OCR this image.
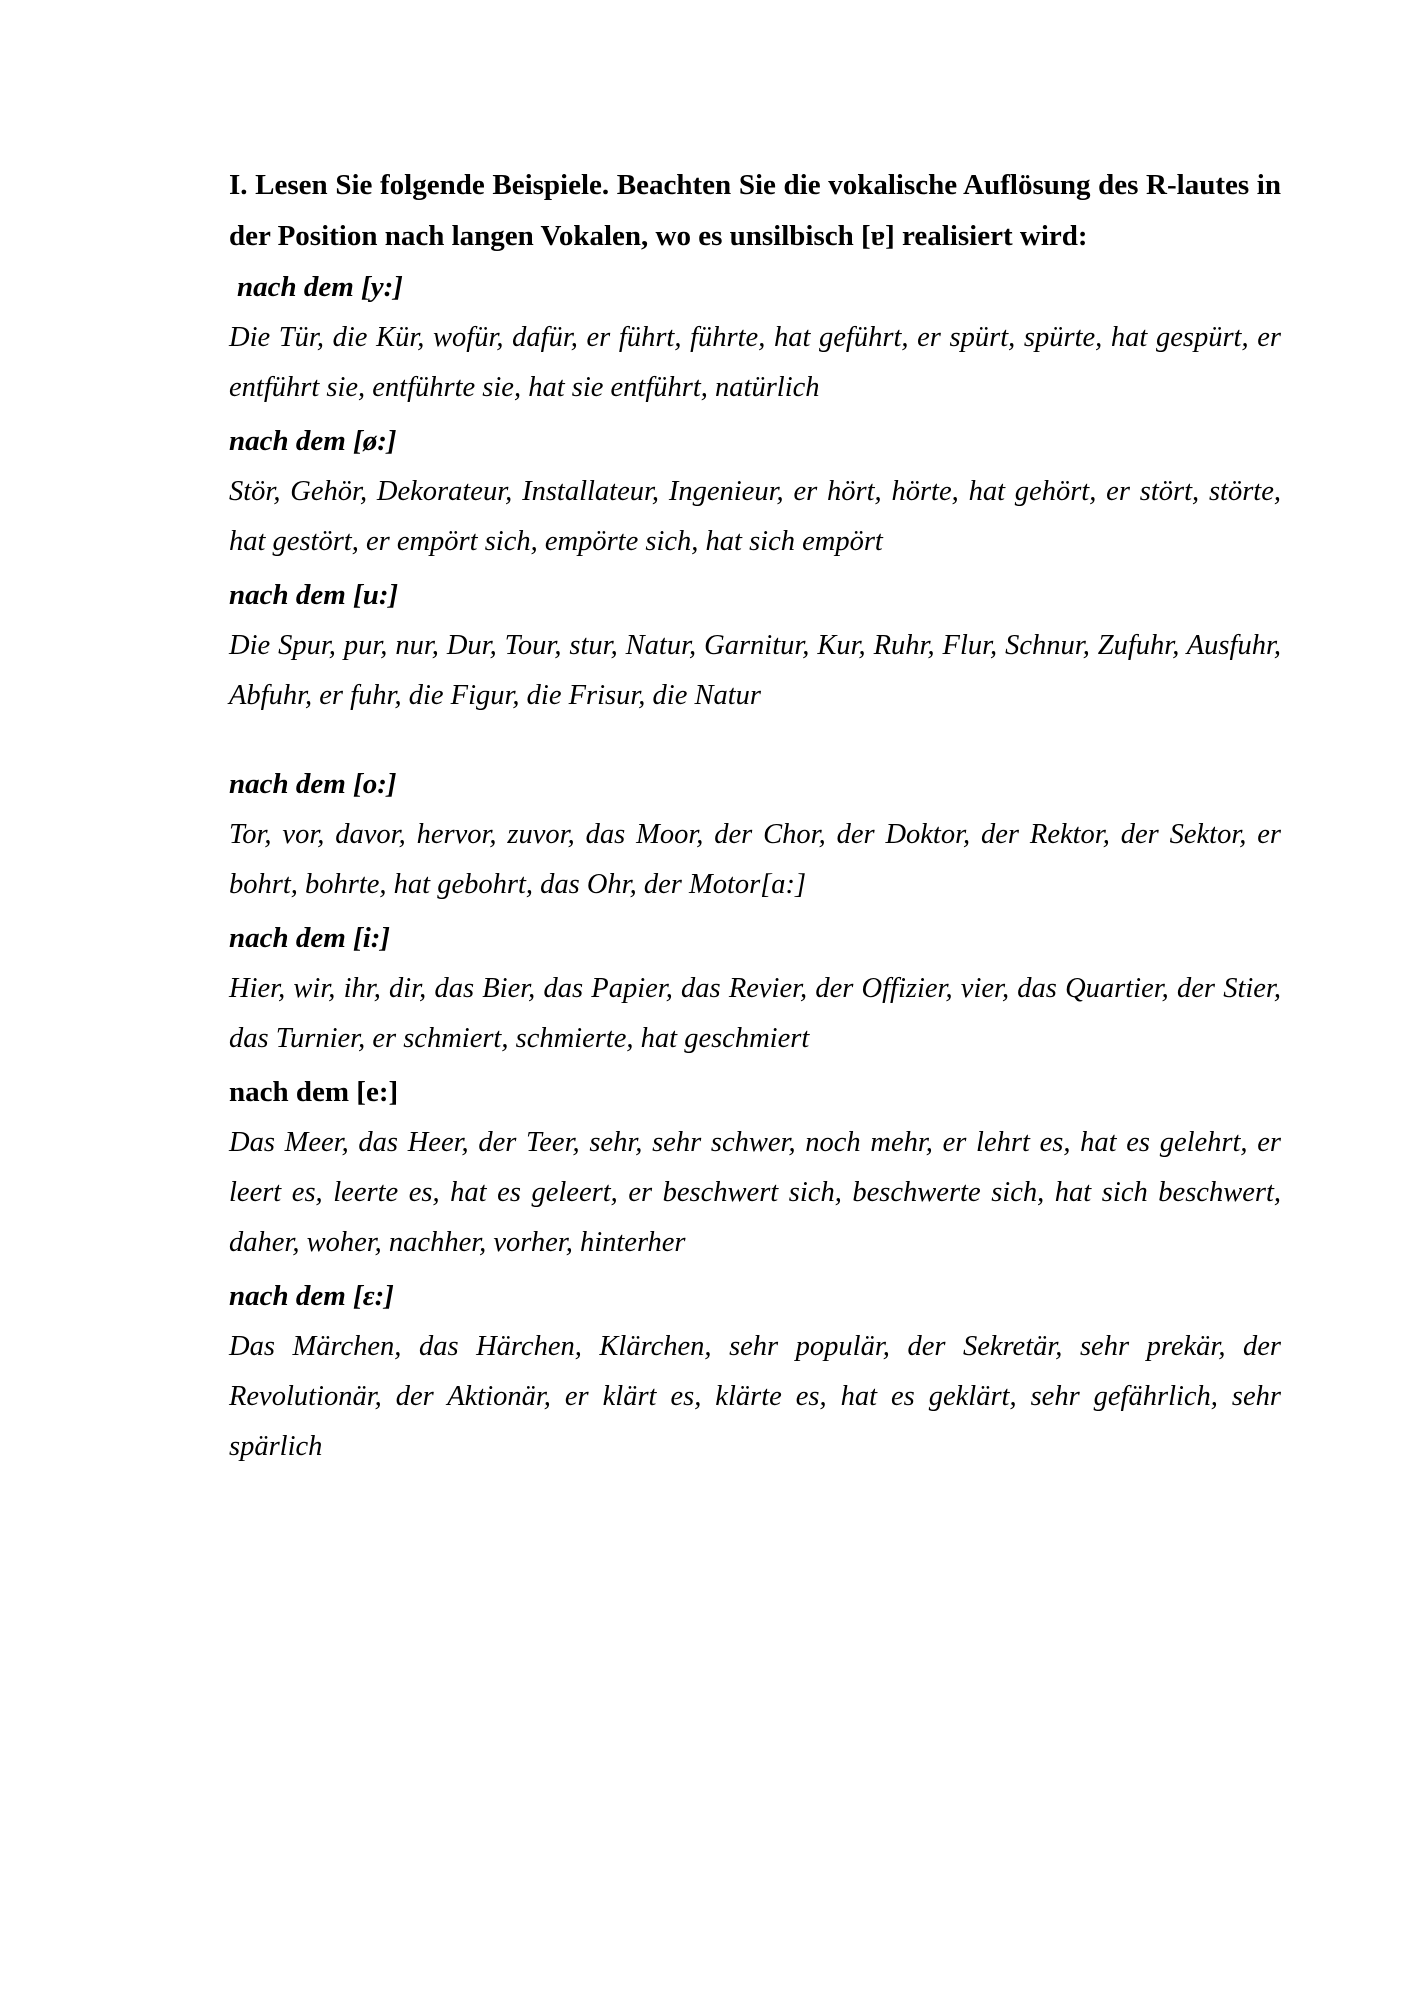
I. Lesen Sie folgende Beispiele. Beachten Sie die vokalische Auflösung des R-lautes in der Position nach langen Vokalen, wo es unsilbisch [ɐ] realisiert wird:

nach dem [y:]

Die Tür, die Kür, wofür, dafür, er führt, führte, hat geführt, er spürt, spürte, hat gespürt, er entführt sie, entführte sie, hat sie entführt, natürlich

nach dem [ø:]

Stör, Gehör, Dekorateur, Installateur, Ingenieur, er hört, hörte, hat gehört, er stört, störte, hat gestört, er empört sich, empörte sich, hat sich empört

nach dem [u:]

Die Spur, pur, nur, Dur, Tour, stur, Natur, Garnitur, Kur, Ruhr, Flur, Schnur, Zufuhr, Ausfuhr, Abfuhr, er fuhr, die Figur, die Frisur, die Natur

nach dem [o:]

Tor, vor, davor, hervor, zuvor, das Moor, der Chor, der Doktor, der Rektor, der Sektor, er bohrt, bohrte, hat gebohrt, das Ohr, der Motor[ɑ:]

nach dem [i:]

Hier, wir, ihr, dir, das Bier, das Papier, das Revier, der Offizier, vier, das Quartier, der Stier, das Turnier, er schmiert, schmierte, hat geschmiert

nach dem [e:]

Das Meer, das Heer, der Teer, sehr, sehr schwer, noch mehr, er lehrt es, hat es gelehrt, er leert es, leerte es, hat es geleert, er beschwert sich, beschwerte sich, hat sich beschwert, daher, woher, nachher, vorher, hinterher

nach dem [ɛ:]

Das Märchen, das Härchen, Klärchen, sehr populär, der Sekretär, sehr prekär, der Revolutionär, der Aktionär, er klärt es, klärte es, hat es geklärt, sehr gefährlich, sehr spärlich
